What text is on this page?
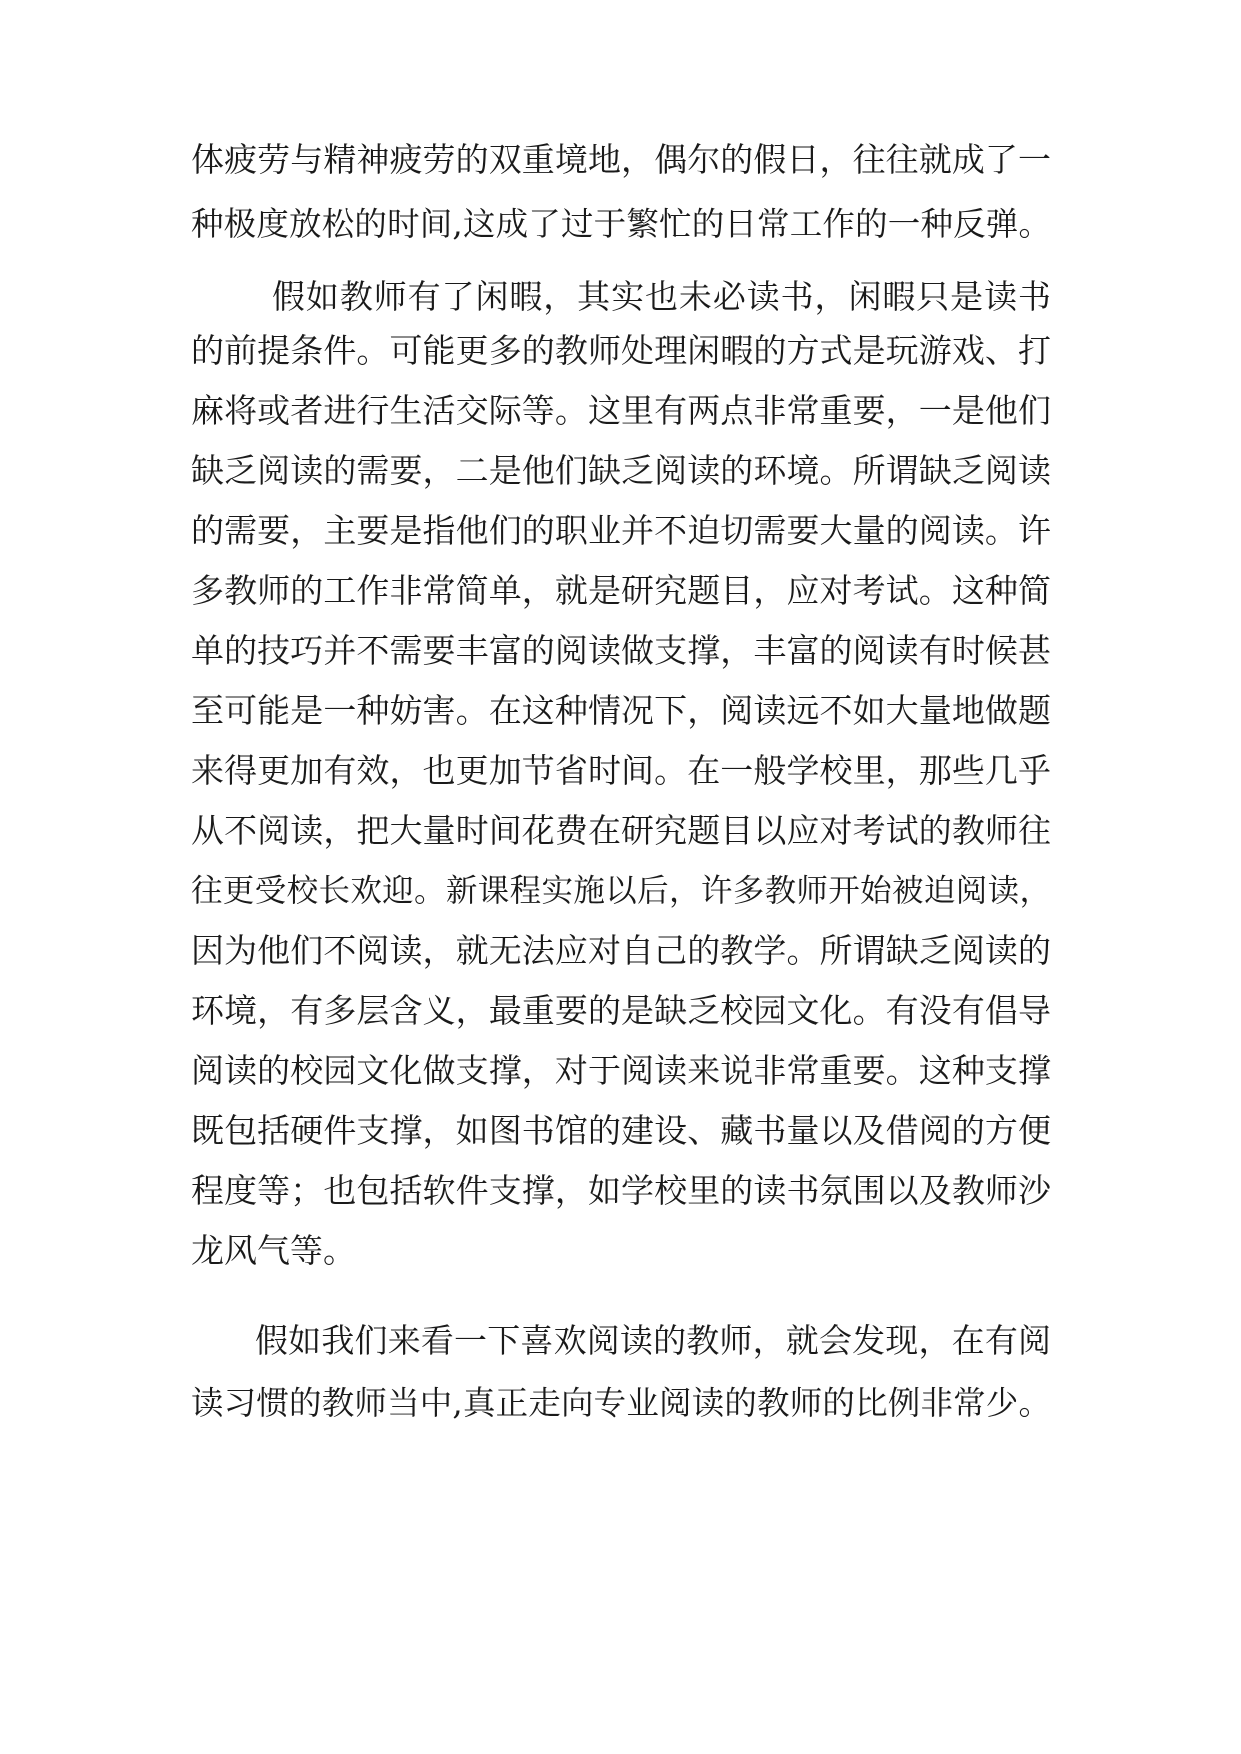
体疲劳与精神疲劳的双重境地，偶尔的假日，往往就成了一
种极度放松的时间,这成了过于繁忙的日常工作的一种反弹。
假如教师有了闲暇，其实也未必读书，闲暇只是读书
的前提条件。可能更多的教师处理闲暇的方式是玩游戏、打
麻将或者进行生活交际等。这里有两点非常重要，一是他们
缺乏阅读的需要，二是他们缺乏阅读的环境。所谓缺乏阅读
的需要，主要是指他们的职业并不迫切需要大量的阅读。许
多教师的工作非常简单，就是研究题目，应对考试。这种简
单的技巧并不需要丰富的阅读做支撑，丰富的阅读有时候甚
至可能是一种妨害。在这种情况下，阅读远不如大量地做题
来得更加有效，也更加节省时间。在一般学校里，那些几乎
从不阅读，把大量时间花费在研究题目以应对考试的教师往
往更受校长欢迎。新课程实施以后，许多教师开始被迫阅读，
因为他们不阅读，就无法应对自己的教学。所谓缺乏阅读的
环境，有多层含义，最重要的是缺乏校园文化。有没有倡导
阅读的校园文化做支撑，对于阅读来说非常重要。这种支撑
既包括硬件支撑，如图书馆的建设、藏书量以及借阅的方便
程度等；也包括软件支撑，如学校里的读书氛围以及教师沙
龙风气等。
假如我们来看一下喜欢阅读的教师，就会发现，在有阅
读习惯的教师当中,真正走向专业阅读的教师的比例非常少。
